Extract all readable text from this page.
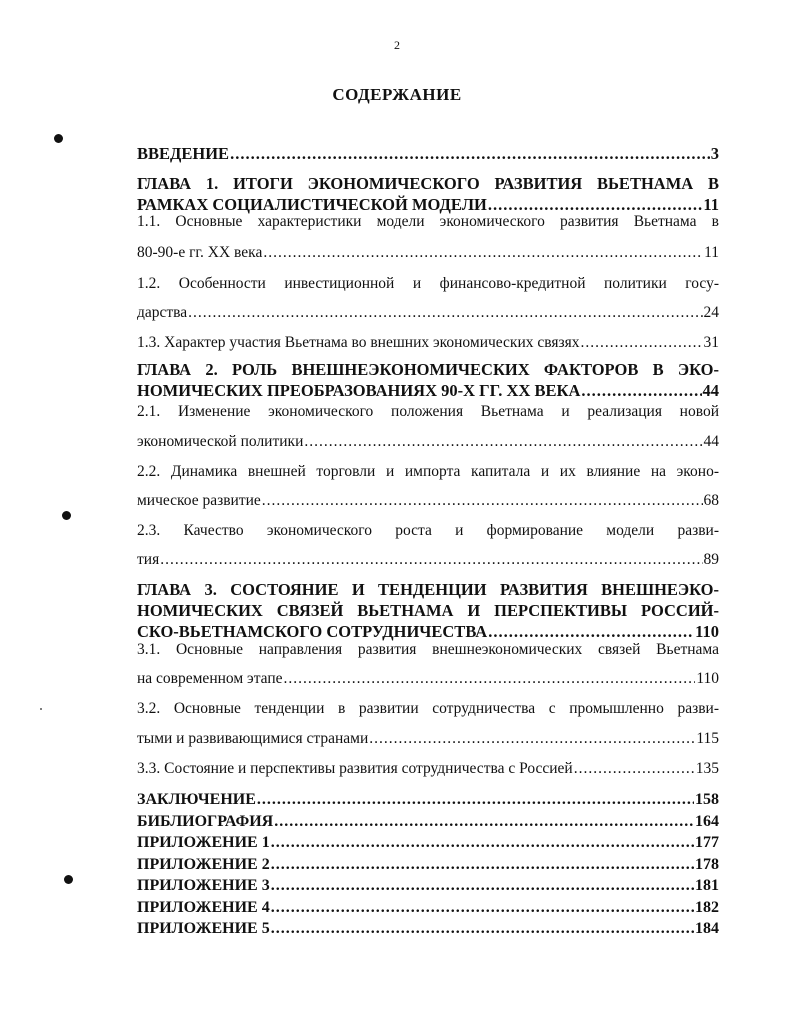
2
СОДЕРЖАНИЕ
ВВЕДЕНИЕ .....	3
ГЛАВА 1. ИТОГИ ЭКОНОМИЧЕСКОГО РАЗВИТИЯ ВЬЕТНАМА В
РАМКАХ СОЦИАЛИСТИЧЕСКОЙ МОДЕЛИ .....	11
1.1. Основные характеристики модели экономического развития Вьетнама в
80-90-е гг. XX века .....	11
1.2. Особенности инвестиционной и финансово-кредитной политики госу-
дарства .....	24
1.3. Характер участия Вьетнама во внешних экономических связях .....	31
ГЛАВА 2. РОЛЬ ВНЕШНЕЭКОНОМИЧЕСКИХ ФАКТОРОВ В ЭКО-
НОМИЧЕСКИХ ПРЕОБРАЗОВАНИЯХ 90-Х ГГ. XX ВЕКА .....	44
2.1. Изменение экономического положения Вьетнама и реализация новой
экономической политики .....	44
2.2. Динамика внешней торговли и импорта капитала и их влияние на эконо-
мическое развитие .....	68
2.3. Качество экономического роста и формирование модели разви-
тия .....	89
ГЛАВА 3. СОСТОЯНИЕ И ТЕНДЕНЦИИ РАЗВИТИЯ ВНЕШНЕЭКО-
НОМИЧЕСКИХ СВЯЗЕЙ ВЬЕТНАМА И ПЕРСПЕКТИВЫ РОССИЙ-
СКО-ВЬЕТНАМСКОГО СОТРУДНИЧЕСТВА .....	110
3.1. Основные направления развития внешнеэкономических связей Вьетнама
на современном этапе .....	110
3.2. Основные тенденции в развитии сотрудничества с промышленно разви-
тыми и развивающимися странами .....	115
3.3. Состояние и перспективы развития сотрудничества с Россией .....	135
ЗАКЛЮЧЕНИЕ .....	158
БИБЛИОГРАФИЯ .....	164
ПРИЛОЖЕНИЕ 1 .....	177
ПРИЛОЖЕНИЕ 2 .....	178
ПРИЛОЖЕНИЕ 3 .....	181
ПРИЛОЖЕНИЕ 4 .....	182
ПРИЛОЖЕНИЕ 5 .....	184
